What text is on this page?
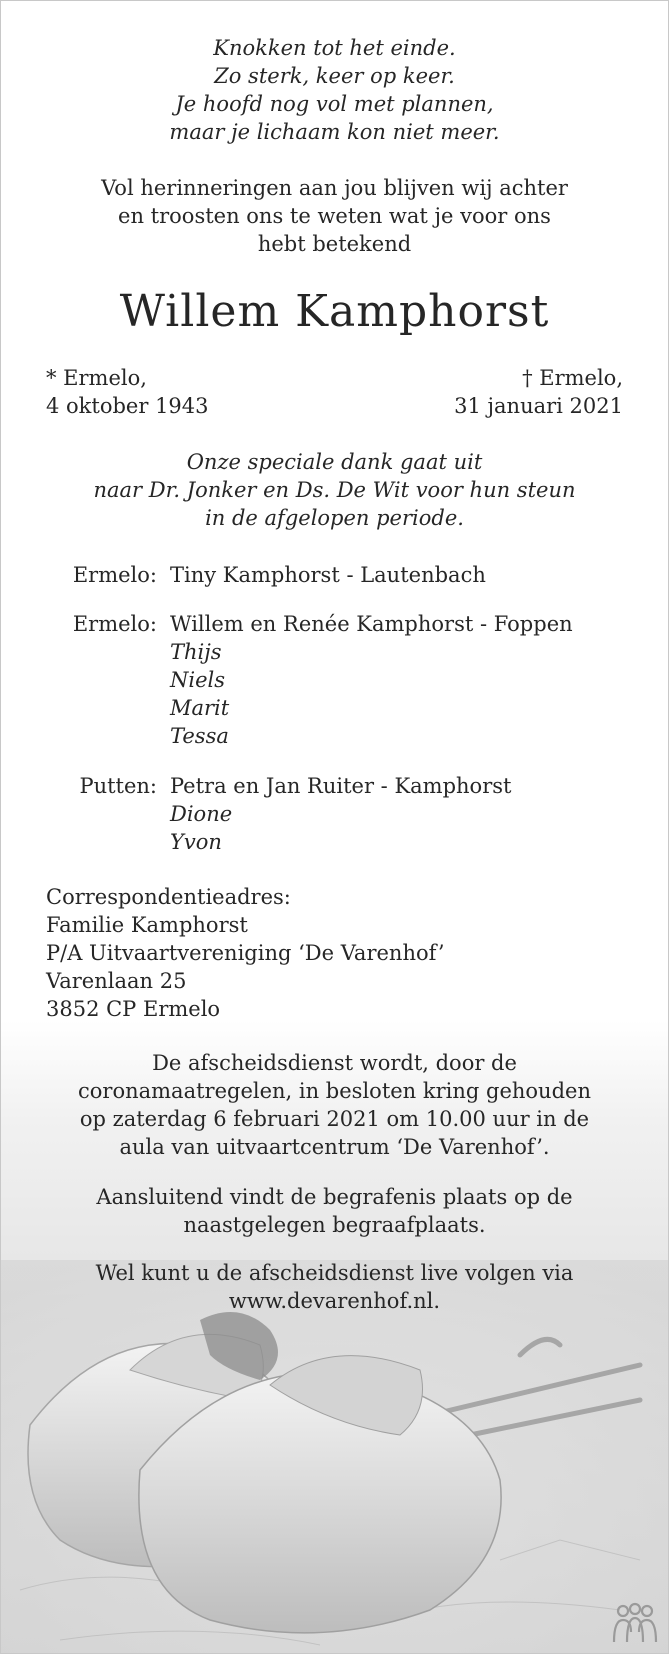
Knokken tot het einde.
Zo sterk, keer op keer.
Je hoofd nog vol met plannen,
maar je lichaam kon niet meer.
Vol herinneringen aan jou blijven wij achter
en troosten ons te weten wat je voor ons
hebt betekend
Willem Kamphorst
* Ermelo,
4 oktober 1943
† Ermelo,
31 januari 2021
Onze speciale dank gaat uit
naar Dr. Jonker en Ds. De Wit voor hun steun
in de afgelopen periode.
Ermelo: Tiny Kamphorst - Lautenbach
Ermelo: Willem en Renée Kamphorst - Foppen
Thijs
Niels
Marit
Tessa
Putten: Petra en Jan Ruiter - Kamphorst
Dione
Yvon
Correspondentieadres:
Familie Kamphorst
P/A Uitvaartvereniging ‘De Varenhof’
Varenlaan 25
3852 CP Ermelo
De afscheidsdienst wordt, door de
coronamaatregelen, in besloten kring gehouden
op zaterdag 6 februari 2021 om 10.00 uur in de
aula van uitvaartcentrum ‘De Varenhof’.
Aansluitend vindt de begrafenis plaats op de
naastgelegen begraafplaats.
Wel kunt u de afscheidsdienst live volgen via
www.devarenhof.nl.
